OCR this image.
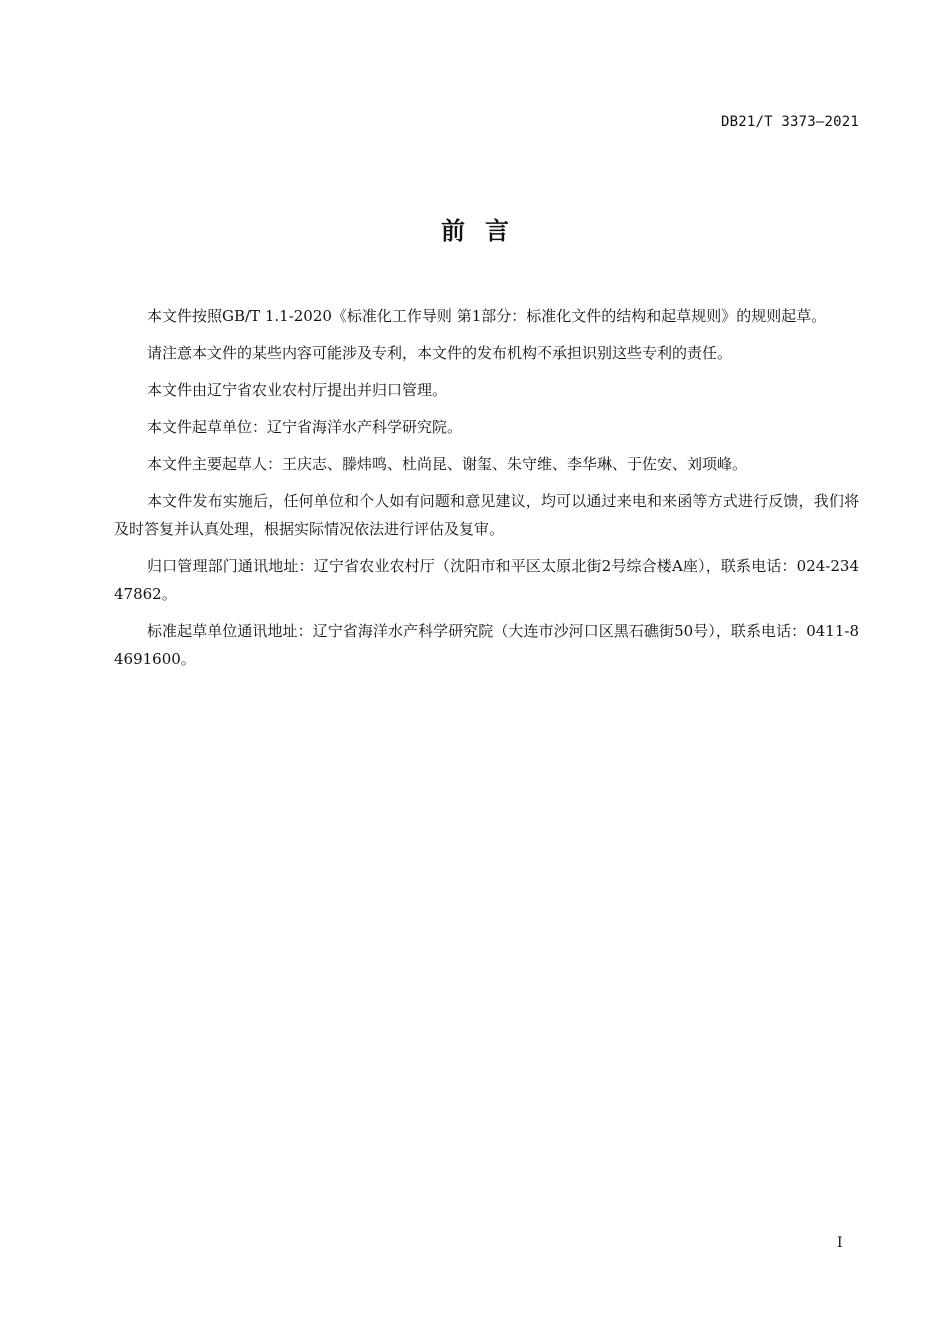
DB21/T 3373—2021
前言

本文件按照GB/T 1.1-2020《标准化工作导则 第1部分：标准化文件的结构和起草规则》的规则起草。

请注意本文件的某些内容可能涉及专利，本文件的发布机构不承担识别这些专利的责任。

本文件由辽宁省农业农村厅提出并归口管理。

本文件起草单位：辽宁省海洋水产科学研究院。

本文件主要起草人：王庆志、滕炜鸣、杜尚昆、谢玺、朱守维、李华琳、于佐安、刘项峰。

本文件发布实施后，任何单位和个人如有问题和意见建议，均可以通过来电和来函等方式进行反馈，我们将及时答复并认真处理，根据实际情况依法进行评估及复审。

归口管理部门通讯地址：辽宁省农业农村厅（沈阳市和平区太原北街2号综合楼A座），联系电话：024-23447862。

标准起草单位通讯地址：辽宁省海洋水产科学研究院（大连市沙河口区黑石礁街50号），联系电话：0411-84691600。

I
